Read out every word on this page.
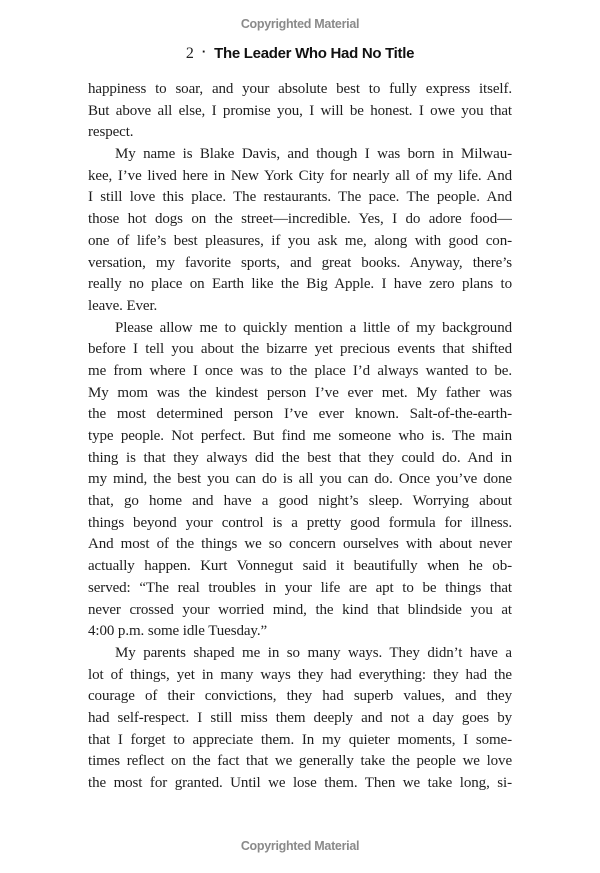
Copyrighted Material
2 · The Leader Who Had No Title
happiness to soar, and your absolute best to fully express itself.
But above all else, I promise you, I will be honest. I owe you that
respect.
My name is Blake Davis, and though I was born in Milwau-
kee, I’ve lived here in New York City for nearly all of my life. And
I still love this place. The restaurants. The pace. The people. And
those hot dogs on the street—incredible. Yes, I do adore food—
one of life’s best pleasures, if you ask me, along with good con-
versation, my favorite sports, and great books. Anyway, there’s
really no place on Earth like the Big Apple. I have zero plans to
leave. Ever.
Please allow me to quickly mention a little of my background
before I tell you about the bizarre yet precious events that shifted
me from where I once was to the place I’d always wanted to be.
My mom was the kindest person I’ve ever met. My father was
the most determined person I’ve ever known. Salt-of-the-earth-
type people. Not perfect. But find me someone who is. The main
thing is that they always did the best that they could do. And in
my mind, the best you can do is all you can do. Once you’ve done
that, go home and have a good night’s sleep. Worrying about
things beyond your control is a pretty good formula for illness.
And most of the things we so concern ourselves with about never
actually happen. Kurt Vonnegut said it beautifully when he ob-
served: “The real troubles in your life are apt to be things that
never crossed your worried mind, the kind that blindside you at
4:00 p.m. some idle Tuesday.”
My parents shaped me in so many ways. They didn’t have a
lot of things, yet in many ways they had everything: they had the
courage of their convictions, they had superb values, and they
had self-respect. I still miss them deeply and not a day goes by
that I forget to appreciate them. In my quieter moments, I some-
times reflect on the fact that we generally take the people we love
the most for granted. Until we lose them. Then we take long, si-
Copyrighted Material
